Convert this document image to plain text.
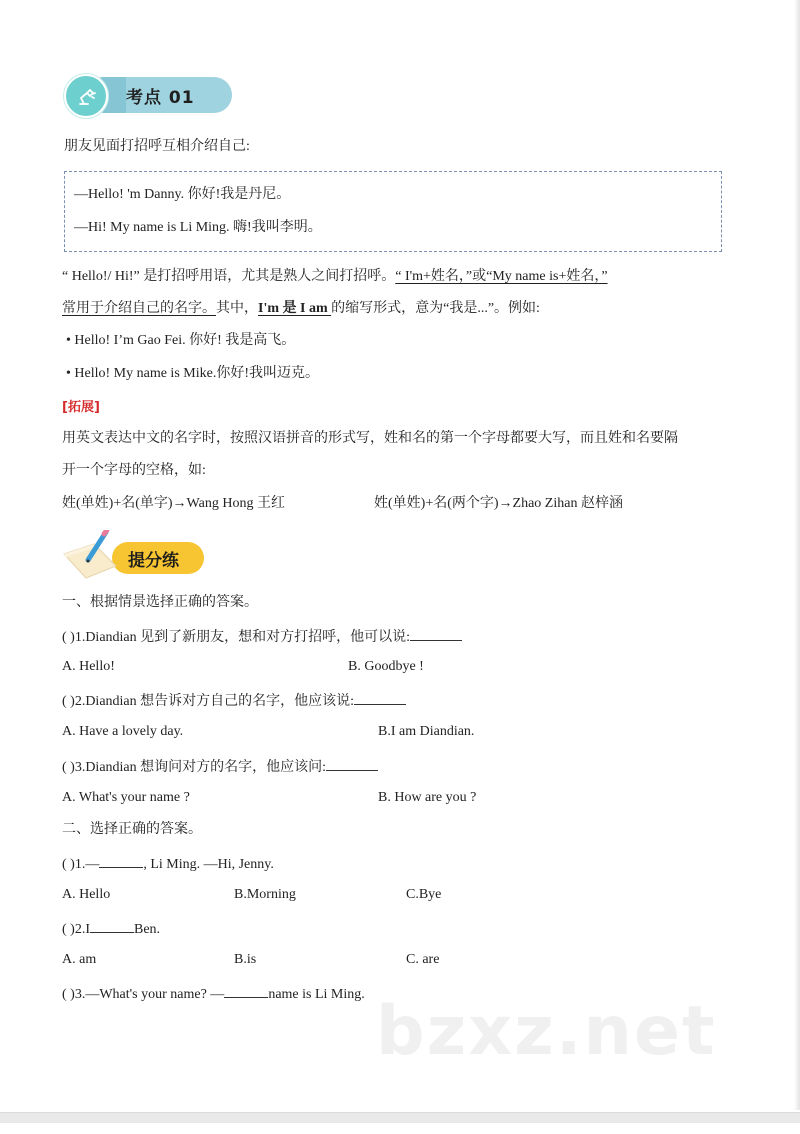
考点 01
朋友见面打招呼互相介绍自己:
—Hello! 'm Danny. 你好!我是丹尼。
—Hi! My name is Li Ming. 嗨!我叫李明。
“ Hello!/ Hi!” 是打招呼用语，尤其是熟人之间打招呼。“ I'm+姓名，”或“My name is+姓名，”
常用于介绍自己的名字。其中，I'm 是 I am 的缩写形式，意为“我是...”。例如:
• Hello! I’m Gao Fei. 你好! 我是高飞。
• Hello! My name is Mike.你好!我叫迈克。
[拓展]
用英文表达中文的名字时，按照汉语拼音的形式写，姓和名的第一个字母都要大写，而且姓和名要隔
开一个字母的空格，如:
姓(单姓)+名(单字)→Wang Hong 王红	姓(单姓)+名(两个字)→Zhao Zihan 赵梓涵
提分练
一、根据情景选择正确的答案。
( )1.Diandian 见到了新朋友，想和对方打招呼，他可以说:
A. Hello!	B. Goodbye !
( )2.Diandian 想告诉对方自己的名字，他应该说:
A. Have a lovely day.	B.I am Diandian.
( )3.Diandian 想询问对方的名字，他应该问:
A. What's your name ?	B. How are you ?
二、选择正确的答案。
( )1.—	, Li Ming. —Hi, Jenny.
A. Hello	B.Morning	C.Bye
( )2.I	Ben.
A. am	B.is	C. are
bzxz.net
( )3.—What's your name? —	name is Li Ming.
